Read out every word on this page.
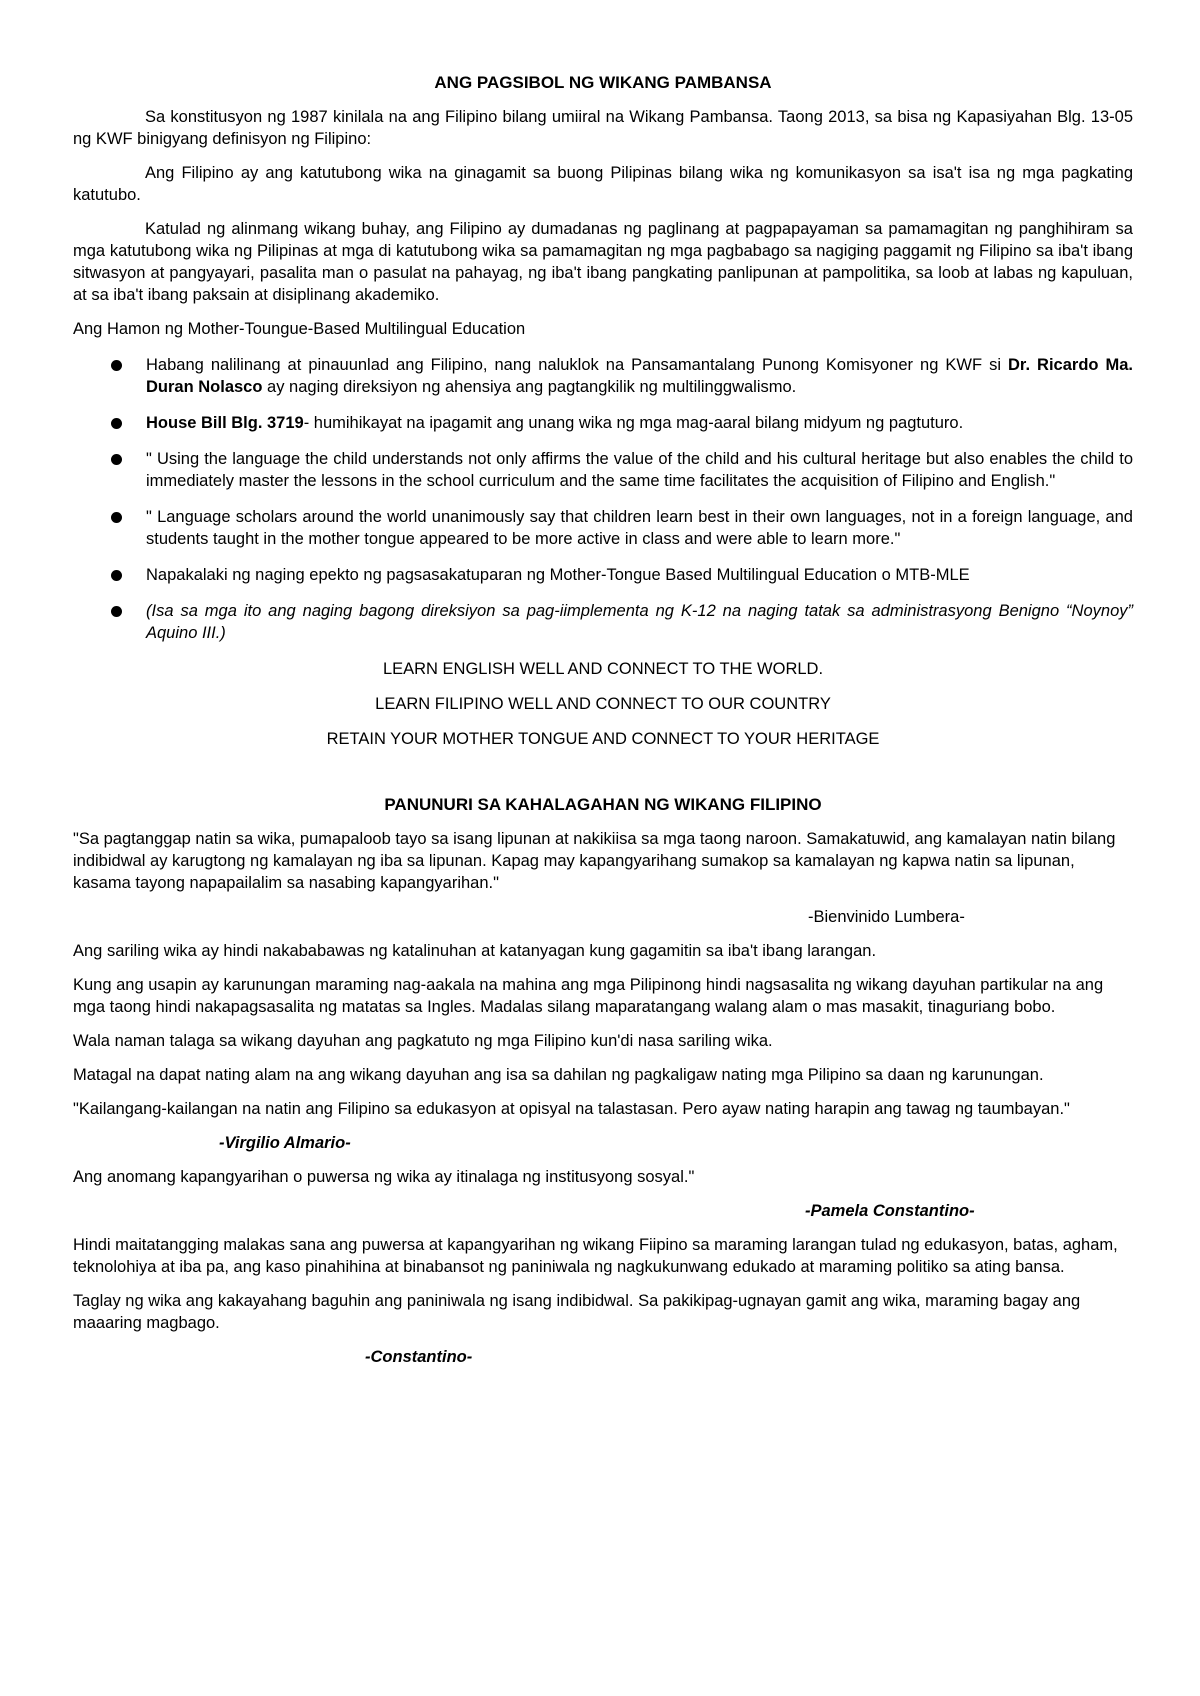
ANG PAGSIBOL NG WIKANG PAMBANSA

Sa konstitusyon ng 1987 kinilala na ang Filipino bilang umiiral na Wikang Pambansa. Taong 2013, sa bisa ng Kapasiyahan Blg. 13-05 ng KWF binigyang definisyon ng Filipino:

Ang Filipino ay ang katutubong wika na ginagamit sa buong Pilipinas bilang wika ng komunikasyon sa isa't isa ng mga pagkating katutubo.

Katulad ng alinmang wikang buhay, ang Filipino ay dumadanas ng paglinang at pagpapayaman sa pamamagitan ng panghihiram sa mga katutubong wika ng Pilipinas at mga di katutubong wika sa pamamagitan ng mga pagbabago sa nagiging paggamit ng Filipino sa iba't ibang sitwasyon at pangyayari, pasalita man o pasulat na pahayag, ng iba't ibang pangkating panlipunan at pampolitika, sa loob at labas ng kapuluan, at sa iba't ibang paksain at disiplinang akademiko.

Ang Hamon ng Mother-Toungue-Based Multilingual Education

Habang nalilinang at pinauunlad ang Filipino, nang naluklok na Pansamantalang Punong Komisyoner ng KWF si Dr. Ricardo Ma. Duran Nolasco ay naging direksiyon ng ahensiya ang pagtangkilik ng multilinggwalismo.
House Bill Blg. 3719- humihikayat na ipagamit ang unang wika ng mga mag-aaral bilang midyum ng pagtuturo.
" Using the language the child understands not only affirms the value of the child and his cultural heritage but also enables the child to immediately master the lessons in the school curriculum and the same time facilitates the acquisition of Filipino and English."
" Language scholars around the world unanimously say that children learn best in their own languages, not in a foreign language, and students taught in the mother tongue appeared to be more active in class and were able to learn more."
Napakalaki ng naging epekto ng pagsasakatuparan ng Mother-Tongue Based Multilingual Education o MTB-MLE
(Isa sa mga ito ang naging bagong direksiyon sa pag-iimplementa ng K-12 na naging tatak sa administrasyong Benigno “Noynoy” Aquino III.)
LEARN ENGLISH WELL AND CONNECT TO THE WORLD.
LEARN FILIPINO WELL AND CONNECT TO OUR COUNTRY
RETAIN YOUR MOTHER TONGUE AND CONNECT TO YOUR HERITAGE
PANUNURI SA KAHALAGAHAN NG WIKANG FILIPINO

"Sa pagtanggap natin sa wika, pumapaloob tayo sa isang lipunan at nakikiisa sa mga taong naroon. Samakatuwid, ang kamalayan natin bilang indibidwal ay karugtong ng kamalayan ng iba sa lipunan. Kapag may kapangyarihang sumakop sa kamalayan ng kapwa natin sa lipunan, kasama tayong napapailalim sa nasabing kapangyarihan."

-Bienvinido Lumbera-

Ang sariling wika ay hindi nakababawas ng katalinuhan at katanyagan kung gagamitin sa iba't ibang larangan.

Kung ang usapin ay karunungan maraming nag-aakala na mahina ang mga Pilipinong hindi nagsasalita ng wikang dayuhan partikular na ang mga taong hindi nakapagsasalita ng matatas sa Ingles. Madalas silang maparatangang walang alam o mas masakit, tinaguriang bobo.

Wala naman talaga sa wikang dayuhan ang pagkatuto ng mga Filipino kun'di nasa sariling wika.

Matagal na dapat nating alam na ang wikang dayuhan ang isa sa dahilan ng pagkaligaw nating mga Pilipino sa daan ng karunungan.

"Kailangang-kailangan na natin ang Filipino sa edukasyon at opisyal na talastasan. Pero ayaw nating harapin ang tawag ng taumbayan."

-Virgilio Almario-

Ang anomang kapangyarihan o puwersa ng wika ay itinalaga ng institusyong sosyal."

-Pamela Constantino-

Hindi maitatangging malakas sana ang puwersa at kapangyarihan ng wikang Fiipino sa maraming larangan tulad ng edukasyon, batas, agham, teknolohiya at iba pa, ang kaso pinahihina at binabansot ng paniniwala ng nagkukunwang edukado at maraming politiko sa ating bansa.

Taglay ng wika ang kakayahang baguhin ang paniniwala ng isang indibidwal. Sa pakikipag-ugnayan gamit ang wika, maraming bagay ang maaaring magbago.

-Constantino-
